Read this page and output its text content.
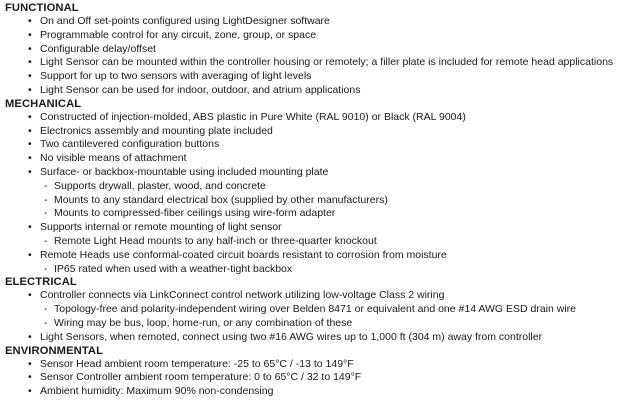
FUNCTIONAL
• On and Off set-points configured using LightDesigner software
• Programmable control for any circuit, zone, group, or space
• Configurable delay/offset
• Light Sensor can be mounted within the controller housing or remotely; a filler plate is included for remote head applications
• Support for up to two sensors with averaging of light levels
• Light Sensor can be used for indoor, outdoor, and atrium applications
MECHANICAL
• Constructed of injection-molded, ABS plastic in Pure White (RAL 9010) or Black (RAL 9004)
• Electronics assembly and mounting plate included
• Two cantilevered configuration buttons
• No visible means of attachment
• Surface- or backbox-mountable using included mounting plate
- Supports drywall, plaster, wood, and concrete
- Mounts to any standard electrical box (supplied by other manufacturers)
- Mounts to compressed-fiber ceilings using wire-form adapter
• Supports internal or remote mounting of light sensor
- Remote Light Head mounts to any half-inch or three-quarter knockout
• Remote Heads use conformal-coated circuit boards resistant to corrosion from moisture
- IP65 rated when used with a weather-tight backbox
ELECTRICAL
• Controller connects via LinkConnect control network utilizing low-voltage Class 2 wiring
- Topology-free and polarity-independent wiring over Belden 8471 or equivalent and one #14 AWG ESD drain wire
- Wiring may be bus, loop, home-run, or any combination of these
• Light Sensors, when remoted, connect using two #16 AWG wires up to 1,000 ft (304 m) away from controller
ENVIRONMENTAL
• Sensor Head ambient room temperature: -25 to 65°C / -13 to 149°F
• Sensor Controller ambient room temperature: 0 to 65°C / 32 to 149°F
• Ambient humidity: Maximum 90% non-condensing
